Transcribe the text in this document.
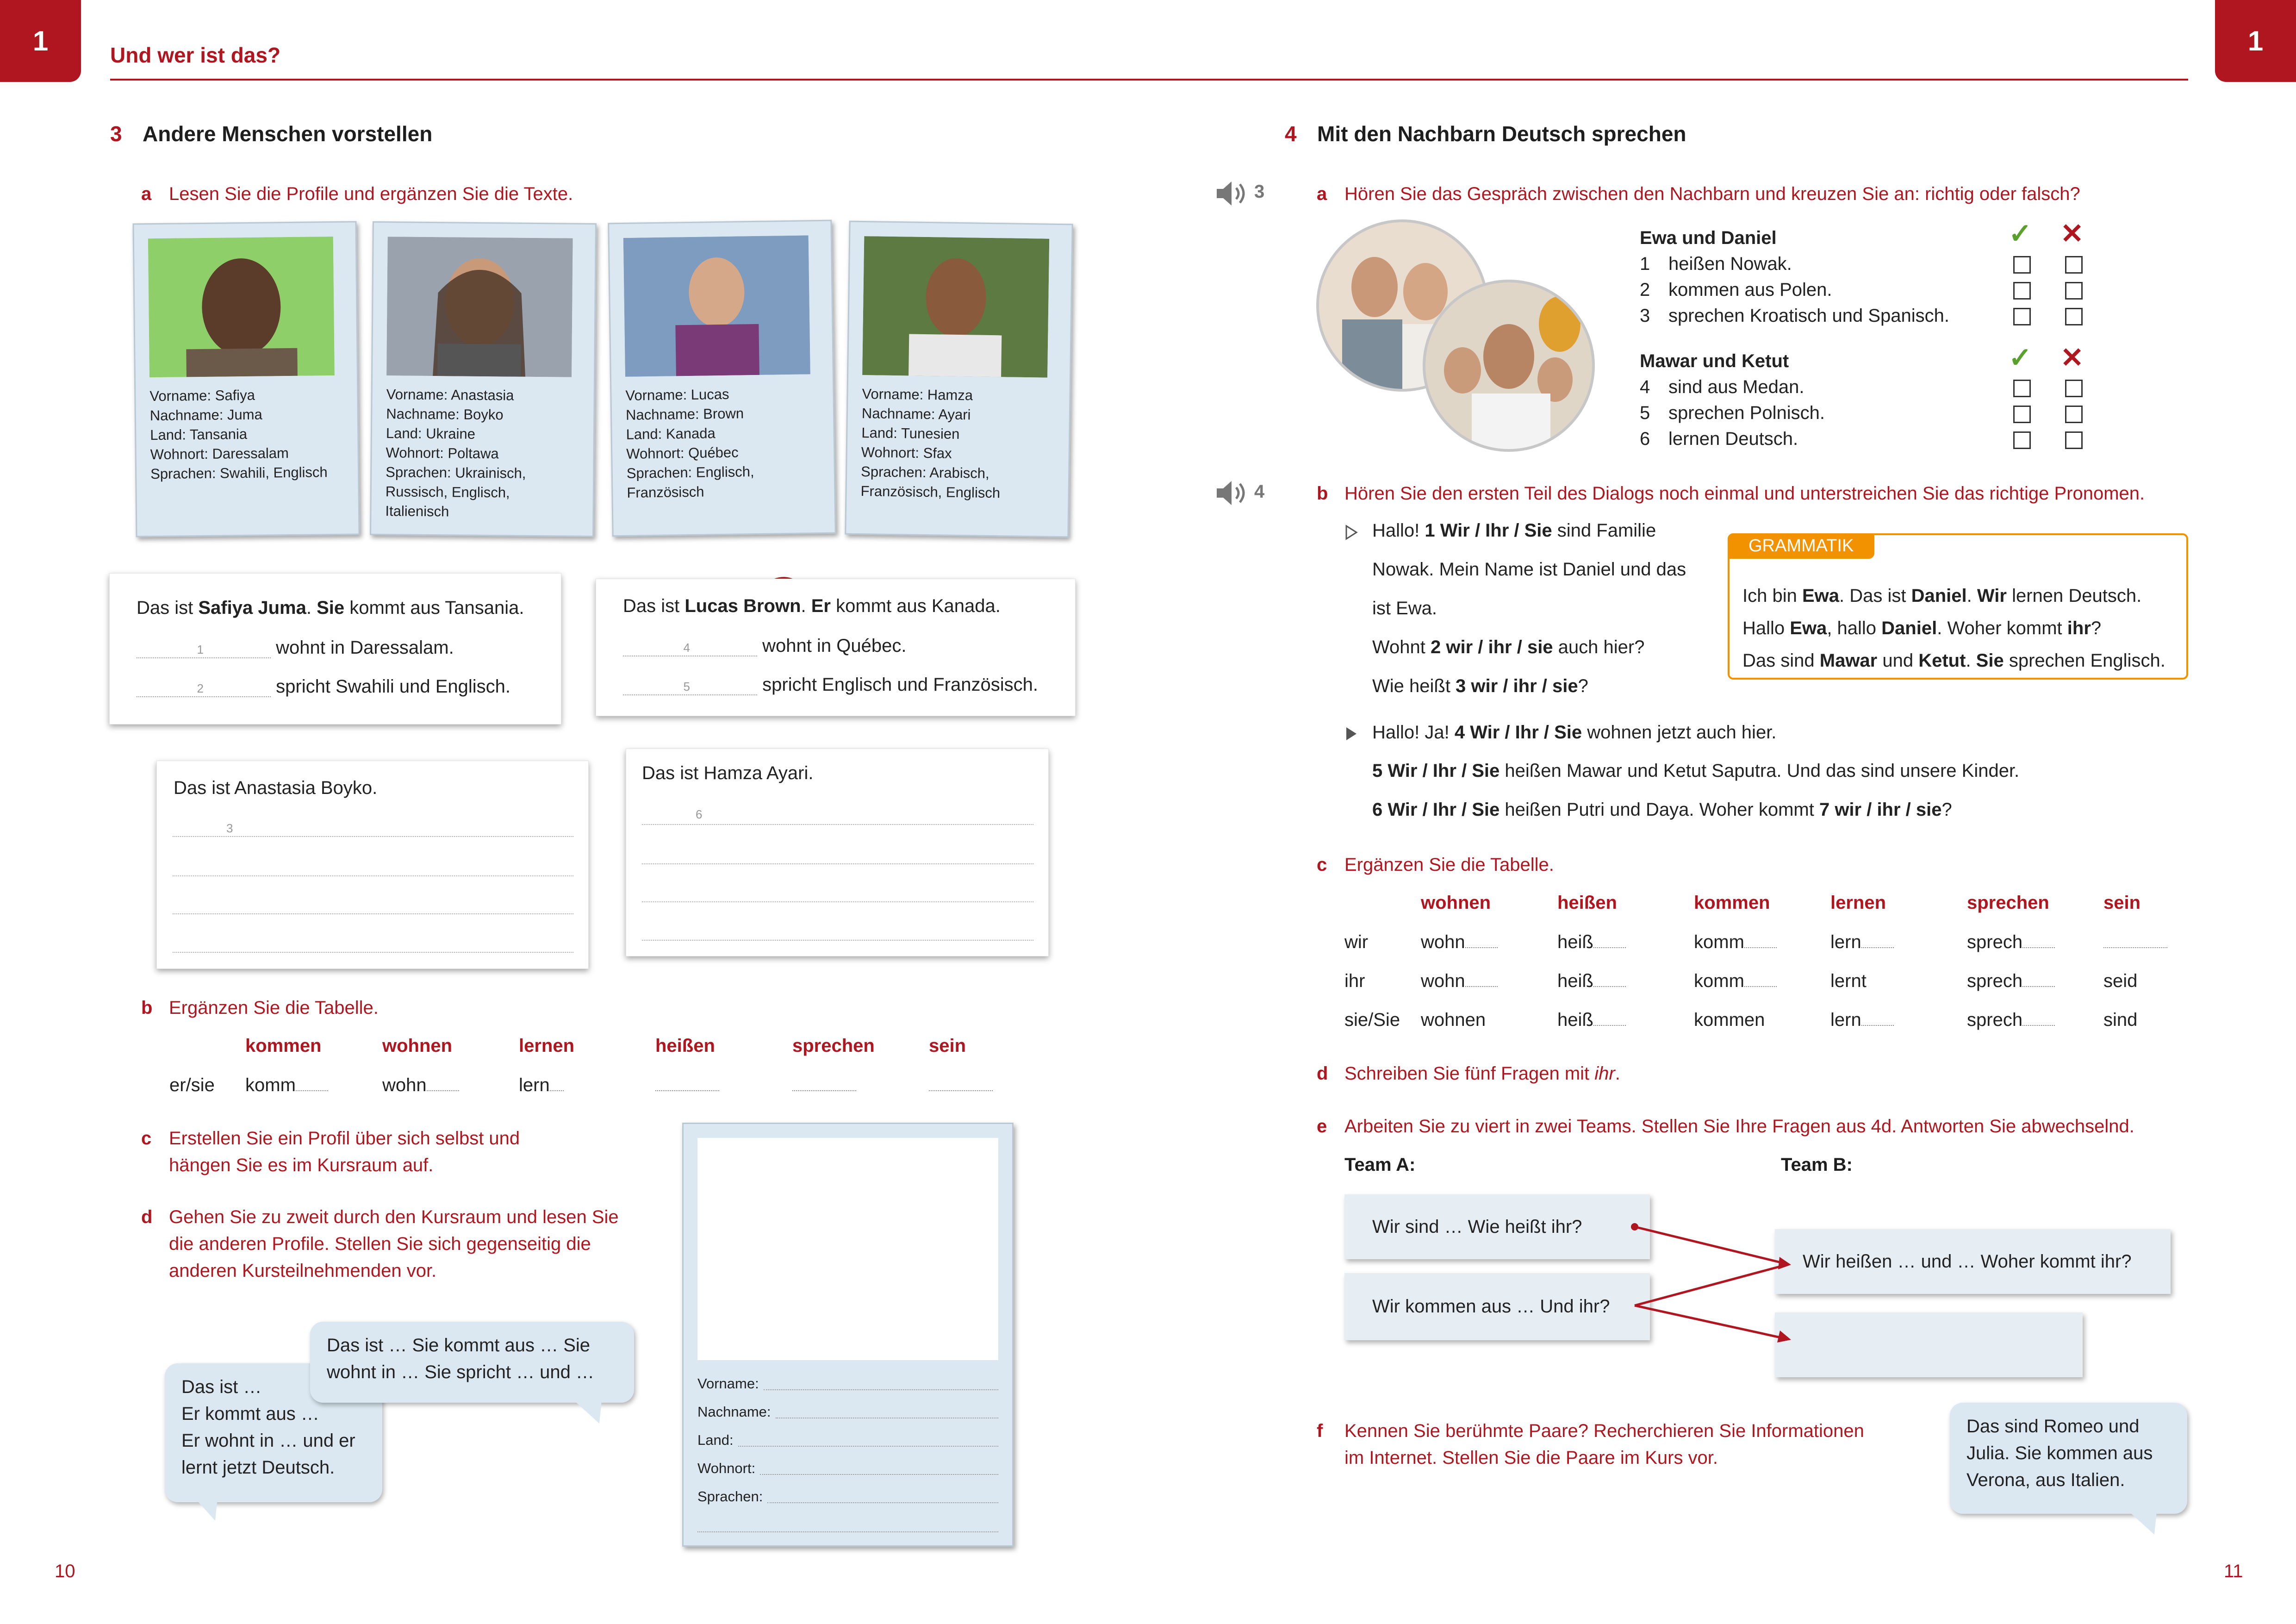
1	1
Und wer ist das?
3 Andere Menschen vorstellen
a Lesen Sie die Profile und ergänzen Sie die Texte.
Vorname: Safiya
Nachname: Juma
Land: Tansania
Wohnort: Daressalam
Sprachen: Swahili, Englisch
Vorname: Anastasia
Nachname: Boyko
Land: Ukraine
Wohnort: Poltawa
Sprachen: Ukrainisch,
Russisch, Englisch,
Italienisch
Vorname: Lucas
Nachname: Brown
Land: Kanada
Wohnort: Québec
Sprachen: Englisch,
Französisch
Vorname: Hamza
Nachname: Ayari
Land: Tunesien
Wohnort: Sfax
Sprachen: Arabisch,
Französisch, Englisch
Das ist Safiya Juma. Sie kommt aus Tansania.
1	wohnt in Daressalam.
2	spricht Swahili und Englisch.
Das ist Lucas Brown. Er kommt aus Kanada.
4	wohnt in Québec.
5	spricht Englisch und Französisch.
Das ist Anastasia Boyko.
3
Das ist Hamza Ayari.
6
b Ergänzen Sie die Tabelle.
kommen	wohnen	lernen	heißen	sprechen	sein
er/sie komm	wohn	lern
c Erstellen Sie ein Profil über sich selbst und
hängen Sie es im Kursraum auf.
d Gehen Sie zu zweit durch den Kursraum und lesen Sie
die anderen Profile. Stellen Sie sich gegenseitig die
anderen Kursteilnehmenden vor.
Das ist …
Er kommt aus …
Er wohnt in … und er
lernt jetzt Deutsch.
Das ist … Sie kommt aus … Sie
wohnt in … Sie spricht … und …
Vorname:
Nachname:
Land:
Wohnort:
Sprachen:
10
4 Mit den Nachbarn Deutsch sprechen
3	a Hören Sie das Gespräch zwischen den Nachbarn und kreuzen Sie an: richtig oder falsch?
Ewa und Daniel
1 heißen Nowak.
2 kommen aus Polen.
3 sprechen Kroatisch und Spanisch.
Mawar und Ketut
4 sind aus Medan.
5 sprechen Polnisch.
6 lernen Deutsch.
✓ ✕
✓ ✕
4	b Hören Sie den ersten Teil des Dialogs noch einmal und unterstreichen Sie das richtige Pronomen.
Hallo! 1 Wir / Ihr / Sie sind Familie
Nowak. Mein Name ist Daniel und das
ist Ewa.
Wohnt 2 wir / ihr / sie auch hier?
Wie heißt 3 wir / ihr / sie?
Hallo! Ja! 4 Wir / Ihr / Sie wohnen jetzt auch hier.
5 Wir / Ihr / Sie heißen Mawar und Ketut Saputra. Und das sind unsere Kinder.
6 Wir / Ihr / Sie heißen Putri und Daya. Woher kommt 7 wir / ihr / sie?
GRAMMATIK
Ich bin Ewa. Das ist Daniel. Wir lernen Deutsch.
Hallo Ewa, hallo Daniel. Woher kommt ihr?
Das sind Mawar und Ketut. Sie sprechen Englisch.
c Ergänzen Sie die Tabelle.
wohnen	heißen	kommen	lernen	sprechen	sein
wir	wohn	heiß	komm	lern	sprech
ihr	wohn	heiß	komm	lernt	sprech	seid
sie/Sie wohnen	heiß	kommen	lern	sprech	sind
d Schreiben Sie fünf Fragen mit ihr.
e Arbeiten Sie zu viert in zwei Teams. Stellen Sie Ihre Fragen aus 4d. Antworten Sie abwechselnd.
Team A:	Team B:
Wir sind … Wie heißt ihr?
Wir kommen aus … Und ihr?
Wir heißen … und … Woher kommt ihr?
f Kennen Sie berühmte Paare? Recherchieren Sie Informationen
im Internet. Stellen Sie die Paare im Kurs vor.
Das sind Romeo und
Julia. Sie kommen aus
Verona, aus Italien.
11
